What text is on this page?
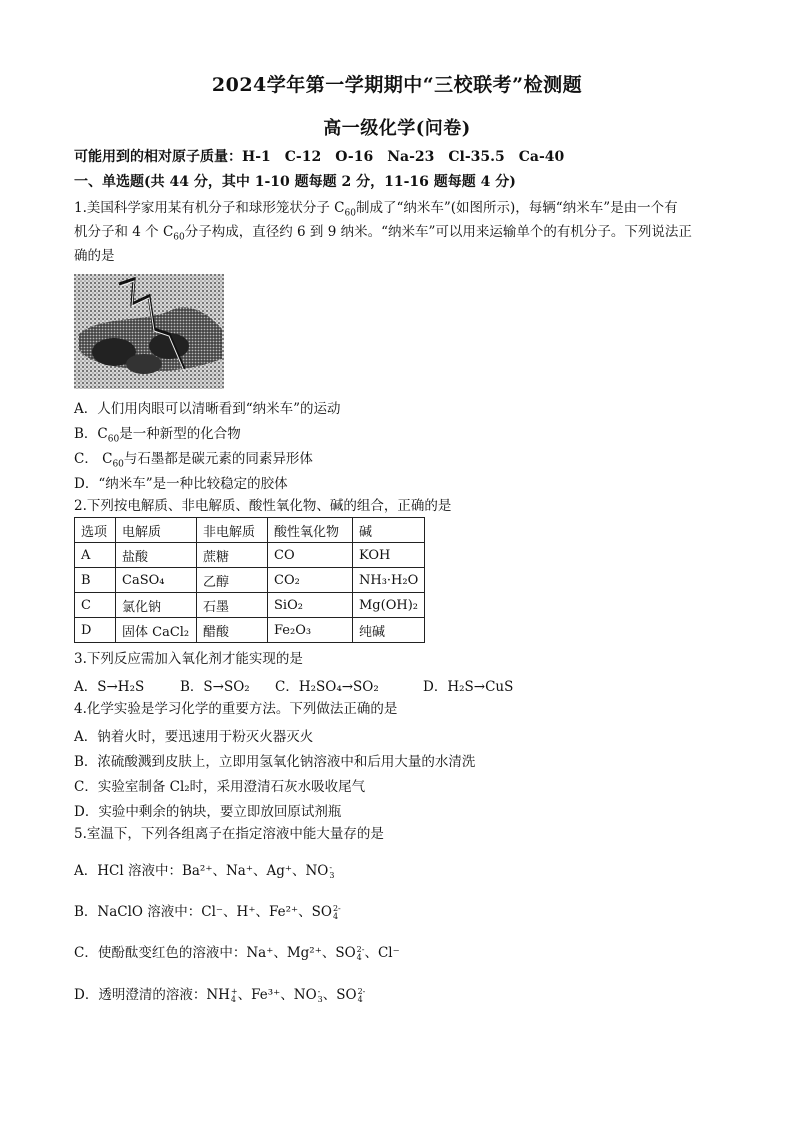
2024学年第一学期期中“三校联考”检测题
高一级化学(问卷)
可能用到的相对原子质量：H-1　C-12　O-16　Na-23　Cl-35.5　Ca-40
一、单选题(共 44 分，其中 1-10 题每题 2 分，11-16 题每题 4 分)
1.美国科学家用某有机分子和球形笼状分子 $C_{60}$制成了“纳米车”(如图所示)，每辆“纳米车”是由一个有
机分子和 4 个 $C_{60}$分子构成，直径约 6 到 9 纳米。“纳米车”可以用来运输单个的有机分子。下列说法正
确的是
A．人们用肉眼可以清晰看到“纳米车”的运动
B．$C_{60}$是一种新型的化合物
C． $C_{60}$与石墨都是碳元素的同素异形体
D．“纳米车”是一种比较稳定的胶体
2.下列按电解质、非电解质、酸性氧化物、碱的组合，正确的是
选项	电解质	非电解质	酸性氧化物	碱
A	盐酸	蔗糖	CO	KOH
B	CaSO₄	乙醇	CO₂	NH₃·H₂O
C	氯化钠	石墨	SiO₂	Mg(OH)₂
D	固体 CaCl₂	醋酸	Fe₂O₃	纯碱
3.下列反应需加入氧化剂才能实现的是
A．S→H₂S	B．S→SO₂ C．H₂SO₄→SO₂	D．H₂S→CuS
4.化学实验是学习化学的重要方法。下列做法正确的是
A．钠着火时，要迅速用于粉灭火器灭火
B．浓硫酸溅到皮肤上，立即用氢氧化钠溶液中和后用大量的水清洗
C．实验室制备 Cl₂时，采用澄清石灰水吸收尾气
D．实验中剩余的钠块，要立即放回原试剂瓶
5.室温下，下列各组离子在指定溶液中能大量存的是
A．HCl 溶液中：Ba²⁺、Na⁺、Ag⁺、NO -
3
B．NaClO 溶液中：Cl⁻、H⁺、Fe²⁺、SO 2-
4
C．使酚酞变红色的溶液中：Na⁺、Mg²⁺、SO 2-
4 、Cl⁻
D．透明澄清的溶液：NH +
4 、Fe³⁺、NO -
3 、SO 2-
4
